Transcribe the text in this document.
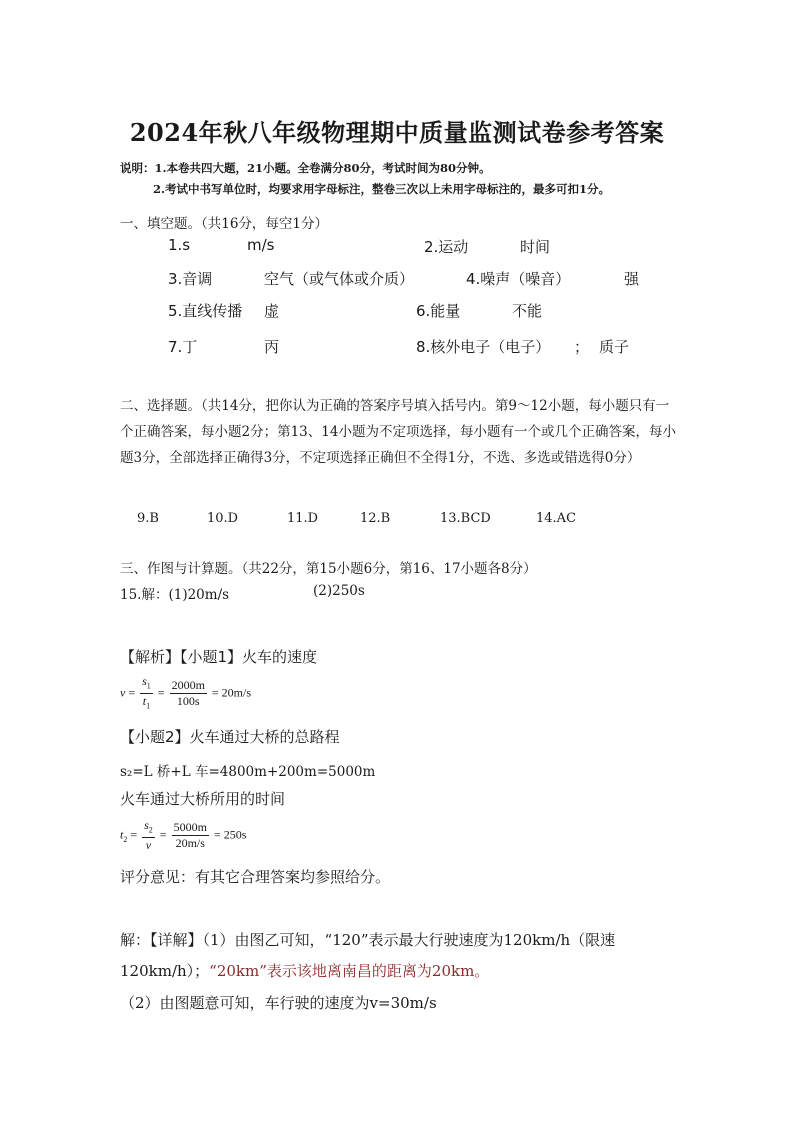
2024年秋八年级物理期中质量监测试卷参考答案
说明：1.本卷共四大题，21小题。全卷满分80分，考试时间为80分钟。
2.考试中书写单位时，均要求用字母标注，整卷三次以上未用字母标注的，最多可扣1分。
一、填空题。（共16分，每空1分）
1.s	m/s	2.运动	时间
3.音调	空气（或气体或介质）	4.噪声（噪音）	强
5.直线传播 虚	6.能量	不能
7.丁	丙	8.核外电子（电子） ； 质子
二、选择题。（共14分，把你认为正确的答案序号填入括号内。第9～12小题，每小题只有一个正确答案，每小题2分；第13、14小题为不定项选择，每小题有一个或几个正确答案，每小题3分，全部选择正确得3分，不定项选择正确但不全得1分，不选、多选或错选得0分）
9.B	10.D	11.D	12.B	13.BCD	14.AC
三、作图与计算题。（共22分，第15小题6分，第16、17小题各8分）
15.解：(1)20m/s	(2)250s
【解析】【小题1】火车的速度
$v = \frac{s_1}{t_1} = \frac{2000m}{100s} = 20m/s$
【小题2】火车通过大桥的总路程
s₂=L 桥+L 车=4800m+200m=5000m
火车通过大桥所用的时间
$t_2 = \frac{s_2}{v} = \frac{5000m}{20m/s} = 250s$
评分意见：有其它合理答案均参照给分。
解：【详解】（1）由图乙可知，“120”表示最大行驶速度为120km/h（限速
120km/h）；“20km”表示该地离南昌的距离为20km。
（2）由图题意可知，车行驶的速度为v=30m/s
